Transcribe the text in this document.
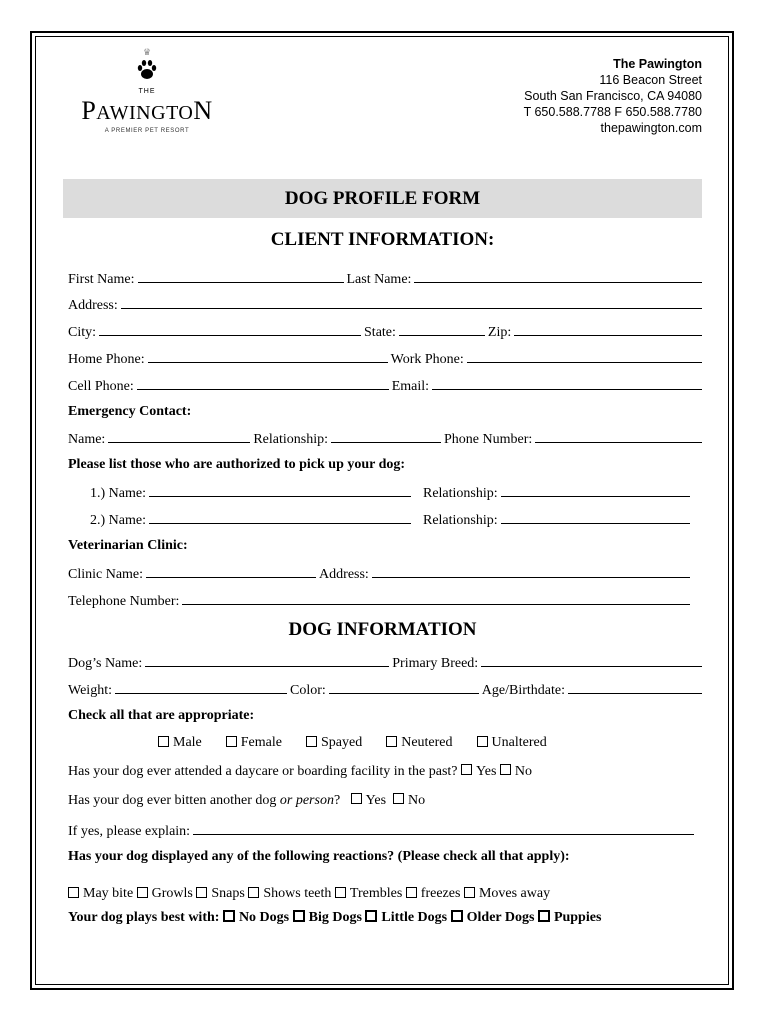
♛
THE
PAWINGTON
A PREMIER PET RESORT
The Pawington
116 Beacon Street
South San Francisco, CA 94080
T 650.588.7788 F 650.588.7780
thepawington.com
DOG PROFILE FORM
CLIENT INFORMATION:
First Name:	Last Name:
Address:
City:	State:	Zip:
Home Phone:	Work Phone:
Cell Phone:	Email:
Emergency Contact:
Name:	Relationship:	Phone Number:
Please list those who are authorized to pick up your dog:
1.) Name:	Relationship:
2.) Name:	Relationship:
Veterinarian Clinic:
Clinic Name:	Address:
Telephone Number:
DOG INFORMATION
Dog’s Name:	Primary Breed:
Weight:	Color:	Age/Birthdate:
Check all that are appropriate:
Male	Female	Spayed	Neutered	Unaltered
Has your dog ever attended a daycare or boarding facility in the past?
Yes
No
Has your dog ever bitten another dog or person ?
Yes
No
If yes, please explain:
Has your dog displayed any of the following reactions? (Please check all that apply):
May bite
	Growls
	Snaps
	Shows teeth
	Trembles
	freezes
	Moves away
Your dog plays best with:
	No Dogs
	Big Dogs
	Little Dogs
	Older Dogs
	Puppies
